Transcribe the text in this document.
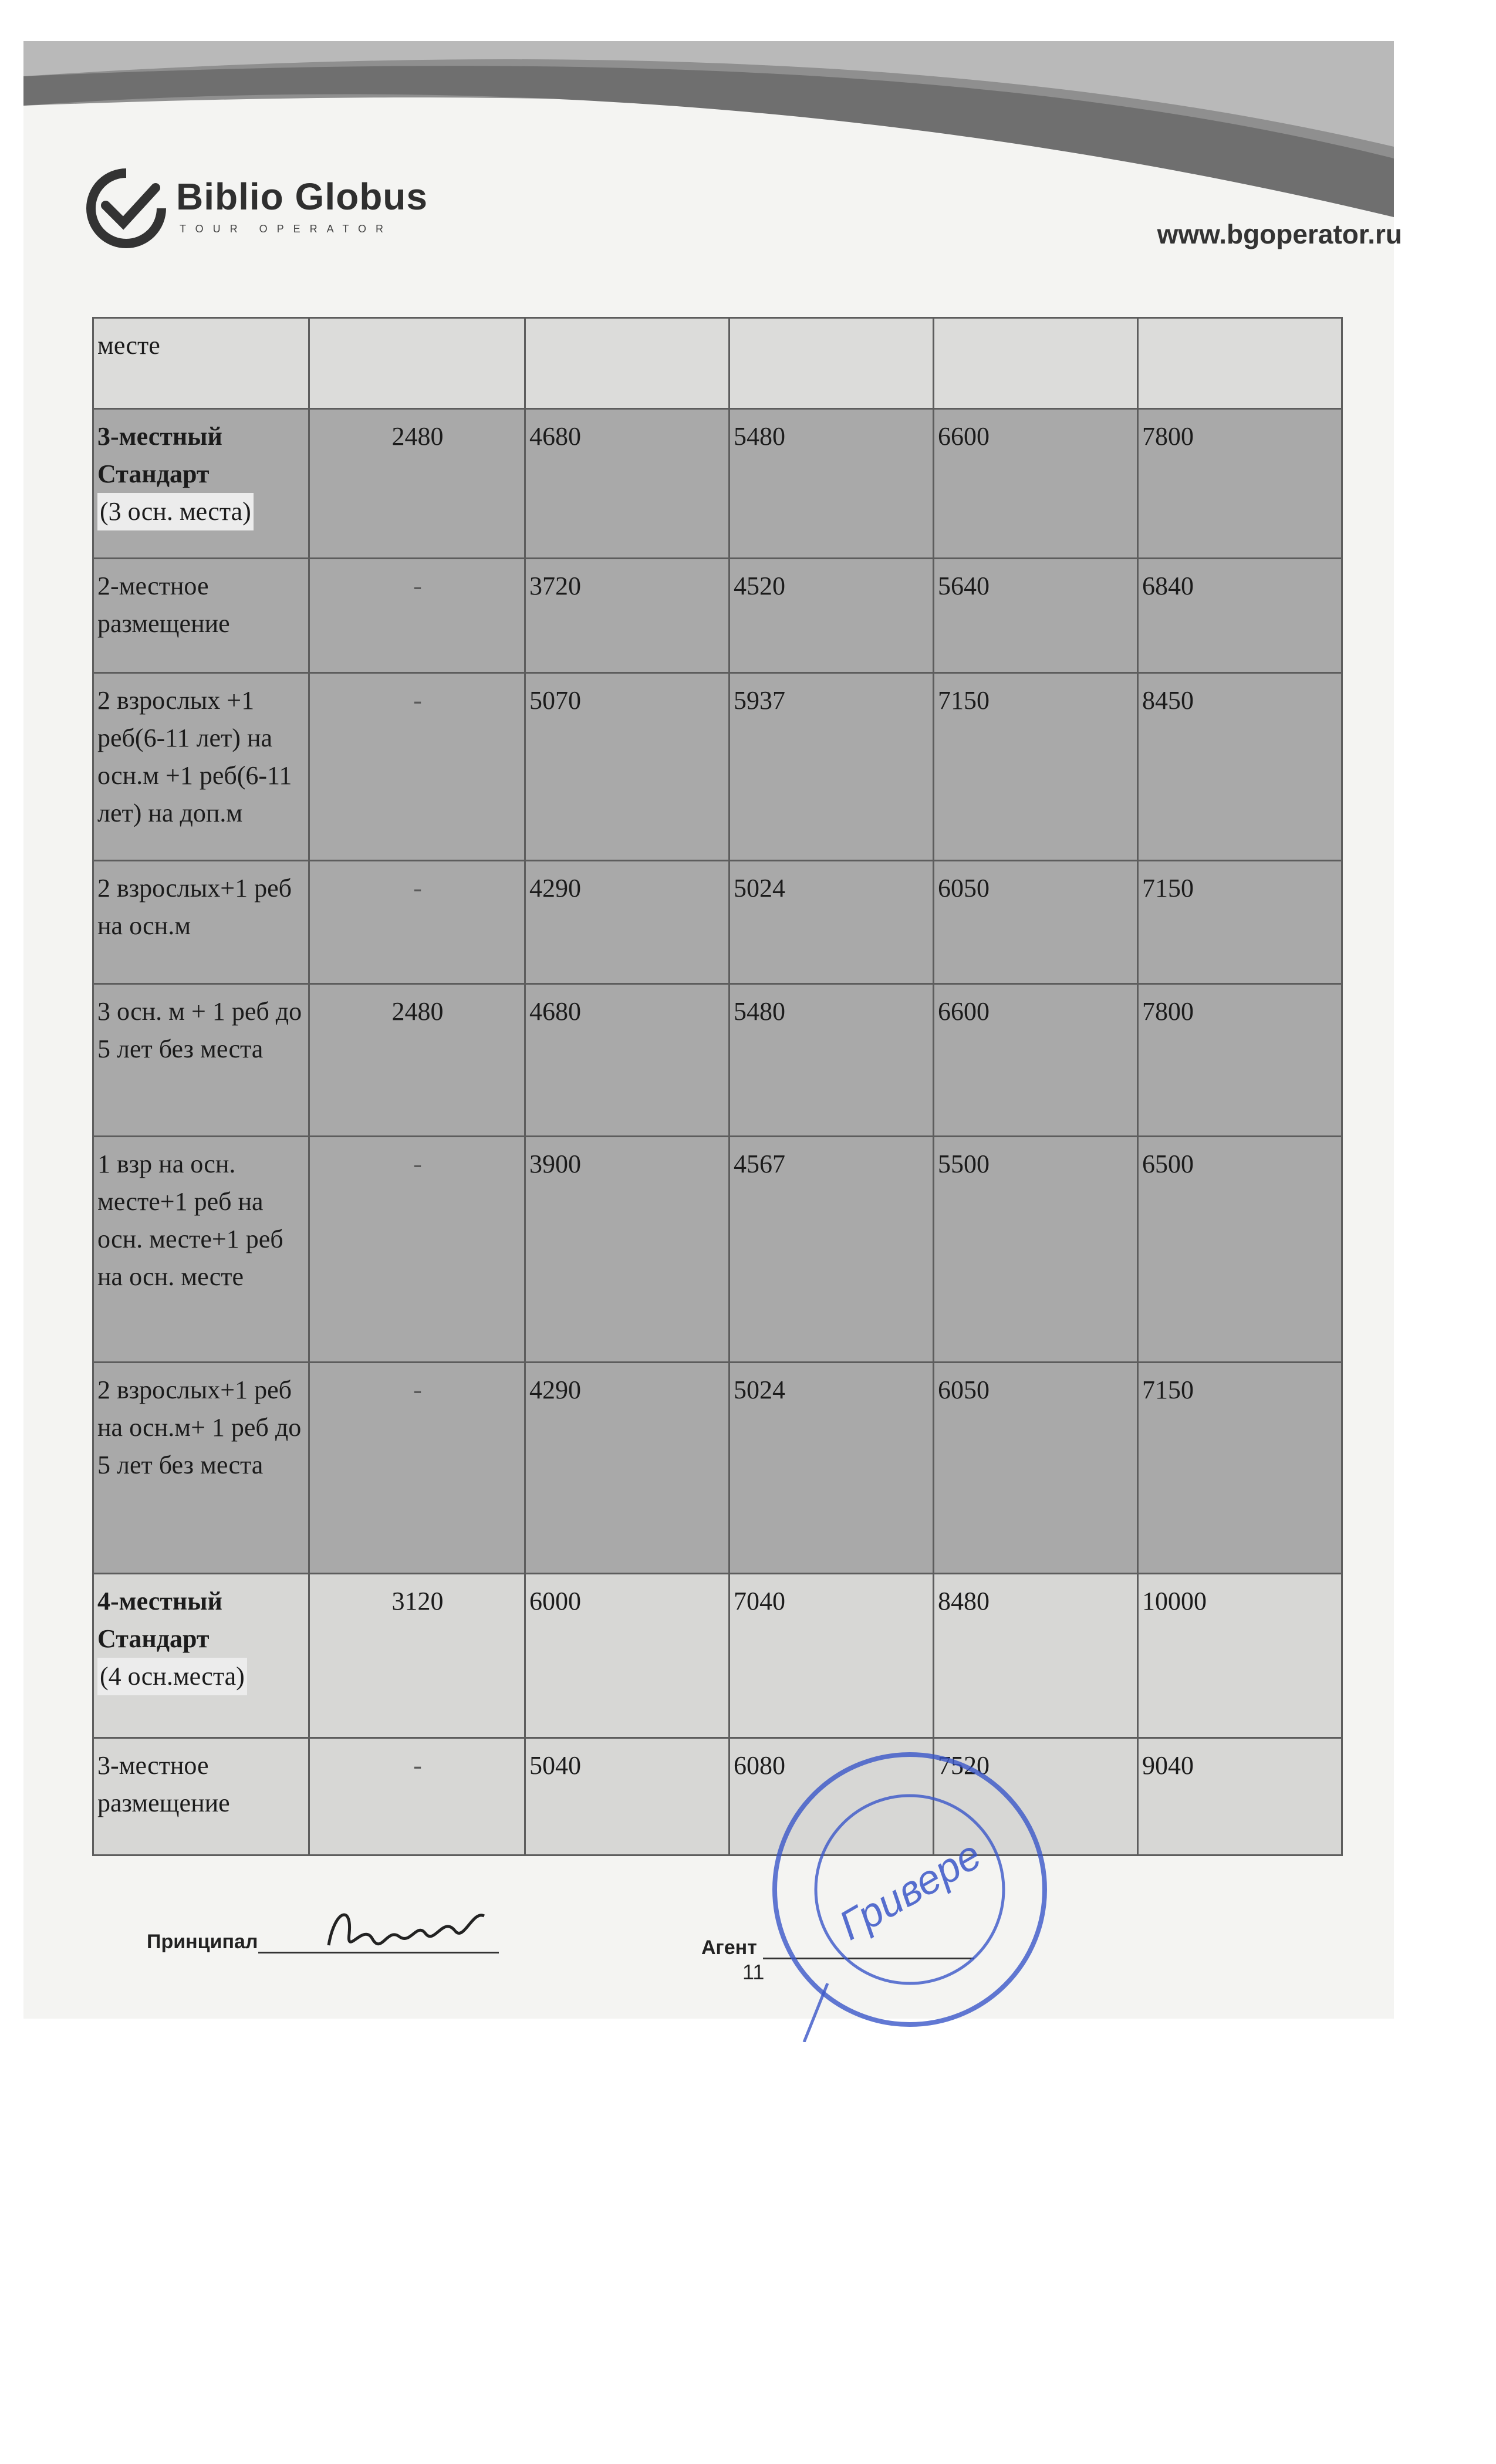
Biblio Globus
TOUR OPERATOR	www.bgoperator.ru
месте					
3-местный Стандарт
(3 осн. места)	2480	4680	5480	6600	7800
2-местное размещение	-	3720	4520	5640	6840
2 взрослых +1 реб(6-11 лет) на осн.м +1 реб(6-11 лет) на доп.м	-	5070	5937	7150	8450
2 взрослых+1 реб на осн.м	-	4290	5024	6050	7150
3 осн. м + 1 реб до 5 лет без места	2480	4680	5480	6600	7800
1 взр на осн. месте+1 реб на осн. месте+1 реб на осн. месте	-	3900	4567	5500	6500
2 взрослых+1 реб на осн.м+ 1 реб до 5 лет без места	-	4290	5024	6050	7150
4-местный Стандарт
(4 осн.места)	3120	6000	7040	8480	10000
3-местное размещение	-	5040	6080	7520	9040
Принципал	Агент
11
Гривере
